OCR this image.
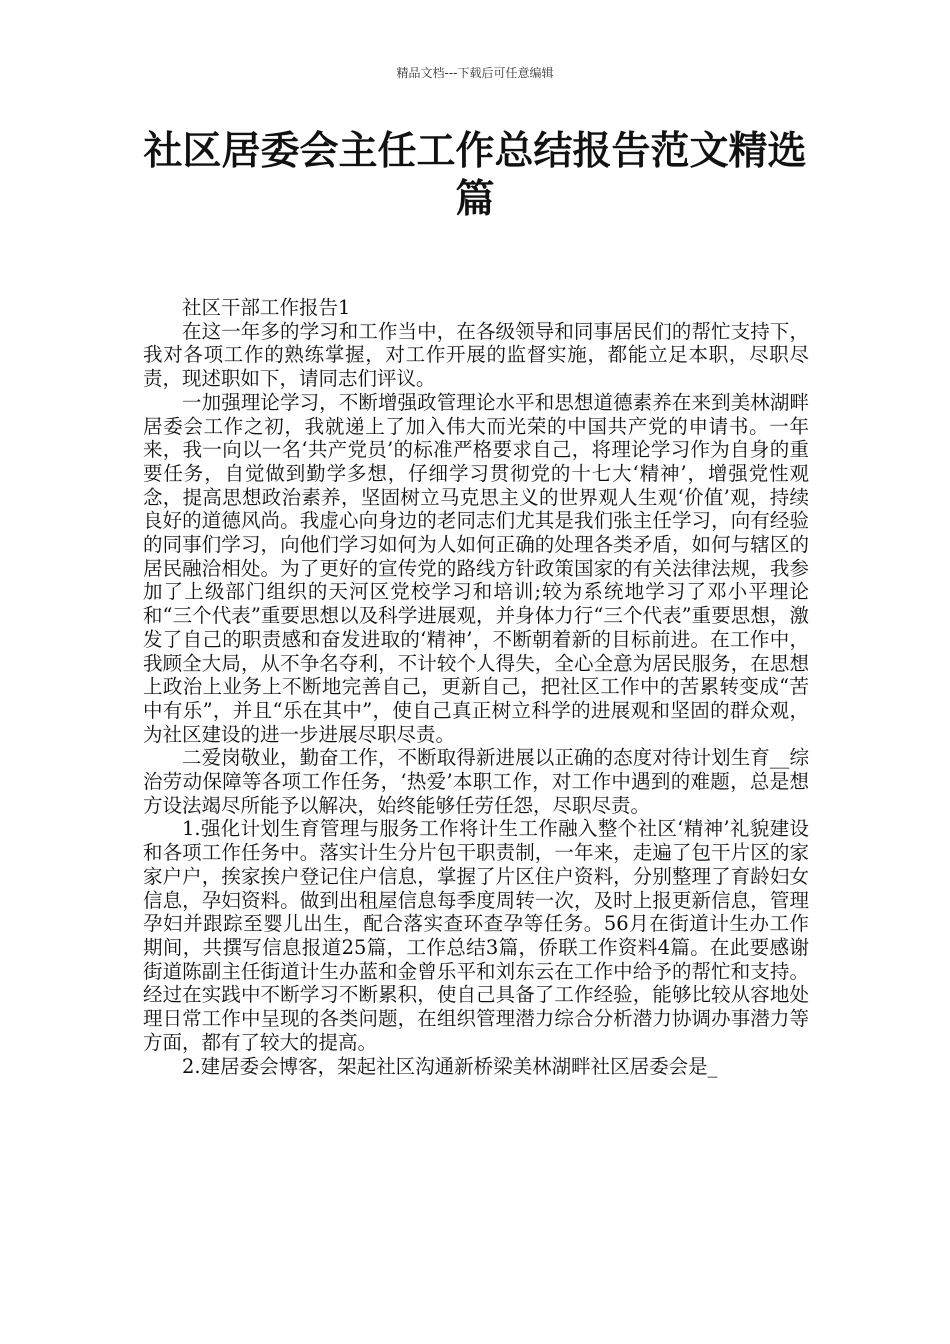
精品文档---下载后可任意编辑
社区居委会主任工作总结报告范文精选篇

社区干部工作报告1

在这一年多的学习和工作当中，在各级领导和同事居民们的帮忙支持下，我对各项工作的熟练掌握，对工作开展的监督实施，都能立足本职，尽职尽责，现述职如下，请同志们评议。

一加强理论学习，不断增强政管理论水平和思想道德素养在来到美林湖畔居委会工作之初，我就递上了加入伟大而光荣的中国共产党的申请书。一年来，我一向以一名‘共产党员’的标准严格要求自己，将理论学习作为自身的重要任务，自觉做到勤学多想，仔细学习贯彻党的十七大‘精神’，增强党性观念，提高思想政治素养，坚固树立马克思主义的世界观人生观‘价值’观，持续良好的道德风尚。我虚心向身边的老同志们尤其是我们张主任学习，向有经验的同事们学习，向他们学习如何为人如何正确的处理各类矛盾，如何与辖区的居民融洽相处。为了更好的宣传党的路线方针政策国家的有关法律法规，我参加了上级部门组织的天河区党校学习和培训;较为系统地学习了邓小平理论和“三个代表”重要思想以及科学进展观，并身体力行“三个代表”重要思想，激发了自己的职责感和奋发进取的‘精神’，不断朝着新的目标前进。在工作中，我顾全大局，从不争名夺利，不计较个人得失，全心全意为居民服务，在思想上政治上业务上不断地完善自己，更新自己，把社区工作中的苦累转变成“苦中有乐”，并且“乐在其中”，使自己真正树立科学的进展观和坚固的群众观，为社区建设的进一步进展尽职尽责。

二爱岗敬业，勤奋工作，不断取得新进展以正确的态度对待计划生育__综治劳动保障等各项工作任务，‘热爱’本职工作，对工作中遇到的难题，总是想方设法竭尽所能予以解决，始终能够任劳任怨，尽职尽责。

1.强化计划生育管理与服务工作将计生工作融入整个社区‘精神’礼貌建设和各项工作任务中。落实计生分片包干职责制，一年来，走遍了包干片区的家家户户，挨家挨户登记住户信息，掌握了片区住户资料，分别整理了育龄妇女信息，孕妇资料。做到出租屋信息每季度周转一次，及时上报更新信息，管理孕妇并跟踪至婴儿出生，配合落实查环查孕等任务。56月在街道计生办工作期间，共撰写信息报道25篇，工作总结3篇，侨联工作资料4篇。在此要感谢街道陈副主任街道计生办蓝和金曾乐平和刘东云在工作中给予的帮忙和支持。经过在实践中不断学习不断累积，使自己具备了工作经验，能够比较从容地处理日常工作中呈现的各类问题，在组织管理潜力综合分析潜力协调办事潜力等方面，都有了较大的提高。

2.建居委会博客，架起社区沟通新桥梁美林湖畔社区居委会是_
